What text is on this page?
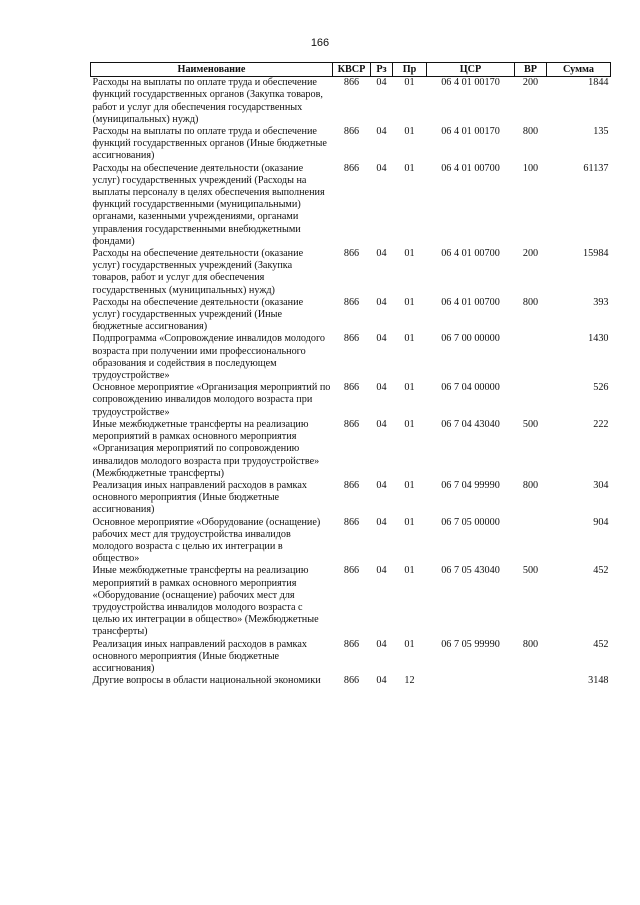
166
Наименование	КВСР	Рз	Пр	ЦСР	ВР	Сумма
Расходы на выплаты по оплате труда и обеспечение функций государственных органов (Закупка товаров, работ и услуг для обеспечения государственных (муниципальных) нужд)	866	04	01	06 4 01 00170	200	1844
Расходы на выплаты по оплате труда и обеспечение функций государственных органов (Иные бюджетные ассигнования)	866	04	01	06 4 01 00170	800	135
Расходы на обеспечение деятельности (оказание услуг) государственных учреждений (Расходы на выплаты персоналу в целях обеспечения выполнения функций государственными (муниципальными) органами, казенными учреждениями, органами управления государственными внебюджетными фондами)	866	04	01	06 4 01 00700	100	61137
Расходы на обеспечение деятельности (оказание услуг) государственных учреждений (Закупка товаров, работ и услуг для обеспечения государственных (муниципальных) нужд)	866	04	01	06 4 01 00700	200	15984
Расходы на обеспечение деятельности (оказание услуг) государственных учреждений (Иные бюджетные ассигнования)	866	04	01	06 4 01 00700	800	393
Подпрограмма «Сопровождение инвалидов молодого возраста при получении ими профессионального образования и содействия в последующем трудоустройстве»	866	04	01	06 7 00 00000		1430
Основное мероприятие «Организация мероприятий по сопровождению инвалидов молодого возраста при трудоустройстве»	866	04	01	06 7 04 00000		526
Иные межбюджетные трансферты на реализацию мероприятий в рамках основного мероприятия «Организация мероприятий по сопровождению инвалидов молодого возраста при трудоустройстве» (Межбюджетные трансферты)	866	04	01	06 7 04 43040	500	222
Реализация иных направлений расходов в рамках основного мероприятия (Иные бюджетные ассигнования)	866	04	01	06 7 04 99990	800	304
Основное мероприятие «Оборудование (оснащение) рабочих мест для трудоустройства инвалидов молодого возраста с целью их интеграции в общество»	866	04	01	06 7 05 00000		904
Иные межбюджетные трансферты на реализацию мероприятий в рамках основного мероприятия «Оборудование (оснащение) рабочих мест для трудоустройства инвалидов молодого возраста с целью их интеграции в общество» (Межбюджетные трансферты)	866	04	01	06 7 05 43040	500	452
Реализация иных направлений расходов в рамках основного мероприятия (Иные бюджетные ассигнования)	866	04	01	06 7 05 99990	800	452
Другие вопросы в области национальной экономики	866	04	12			3148
